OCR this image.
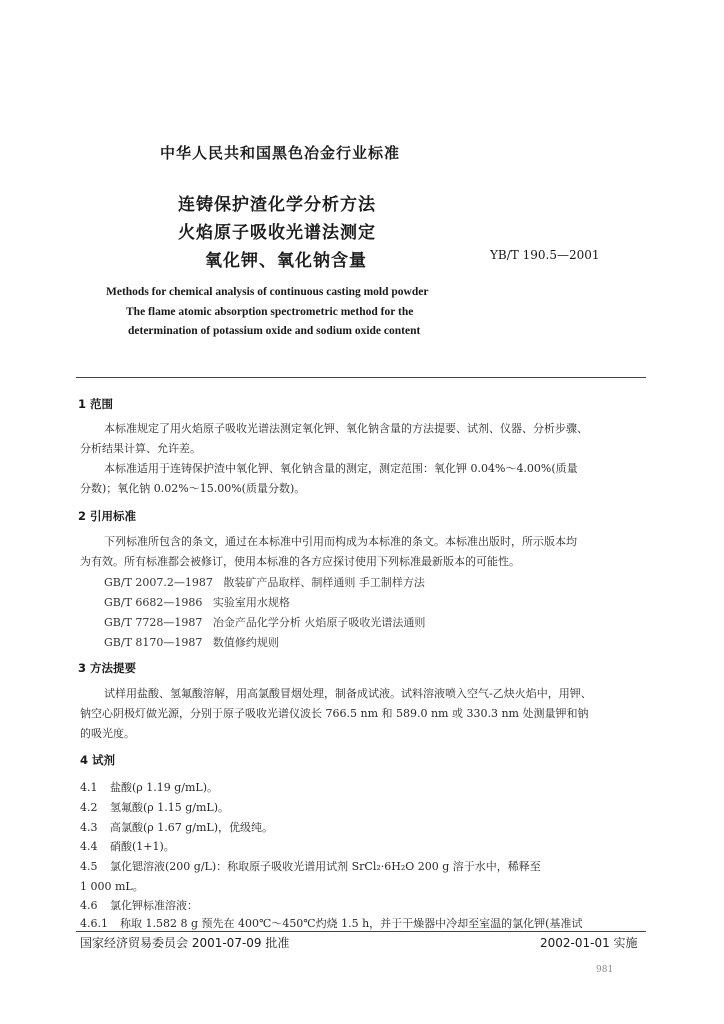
中华人民共和国黑色冶金行业标准
连铸保护渣化学分析方法
火焰原子吸收光谱法测定
氧化钾、氧化钠含量	YB/T 190.5—2001
Methods for chemical analysis of continuous casting mold powder
The flame atomic absorption spectrometric method for the
determination of potassium oxide and sodium oxide content
1 范围
本标准规定了用火焰原子吸收光谱法测定氧化钾、氧化钠含量的方法提要、试剂、仪器、分析步骤、
分析结果计算、允许差。
本标准适用于连铸保护渣中氧化钾、氧化钠含量的测定，测定范围：氧化钾 0.04%～4.00%(质量
分数)；氧化钠 0.02%～15.00%(质量分数)。
2 引用标准
下列标准所包含的条文，通过在本标准中引用而构成为本标准的条文。本标准出版时，所示版本均
为有效。所有标准都会被修订，使用本标准的各方应探讨使用下列标准最新版本的可能性。
GB/T 2007.2—1987 散装矿产品取样、制样通则 手工制样方法
GB/T 6682—1986 实验室用水规格
GB/T 7728—1987 冶金产品化学分析 火焰原子吸收光谱法通则
GB/T 8170—1987 数值修约规则
3 方法提要
试样用盐酸、氢氟酸溶解，用高氯酸冒烟处理，制备成试液。试料溶液喷入空气-乙炔火焰中，用钾、
钠空心阴极灯做光源，分别于原子吸收光谱仪波长 766.5 nm 和 589.0 nm 或 330.3 nm 处测量钾和钠
的吸光度。
4 试剂
4.1 盐酸(ρ 1.19 g/mL)。
4.2 氢氟酸(ρ 1.15 g/mL)。
4.3 高氯酸(ρ 1.67 g/mL)，优级纯。
4.4 硝酸(1+1)。
4.5 氯化锶溶液(200 g/L)：称取原子吸收光谱用试剂 SrCl₂·6H₂O 200 g 溶于水中，稀释至
1 000 mL。
4.6 氯化钾标准溶液：
4.6.1 称取 1.582 8 g 预先在 400℃～450℃灼烧 1.5 h，并于干燥器中冷却至室温的氯化钾(基准试
国家经济贸易委员会 2001-07-09 批准	2002-01-01 实施
981
